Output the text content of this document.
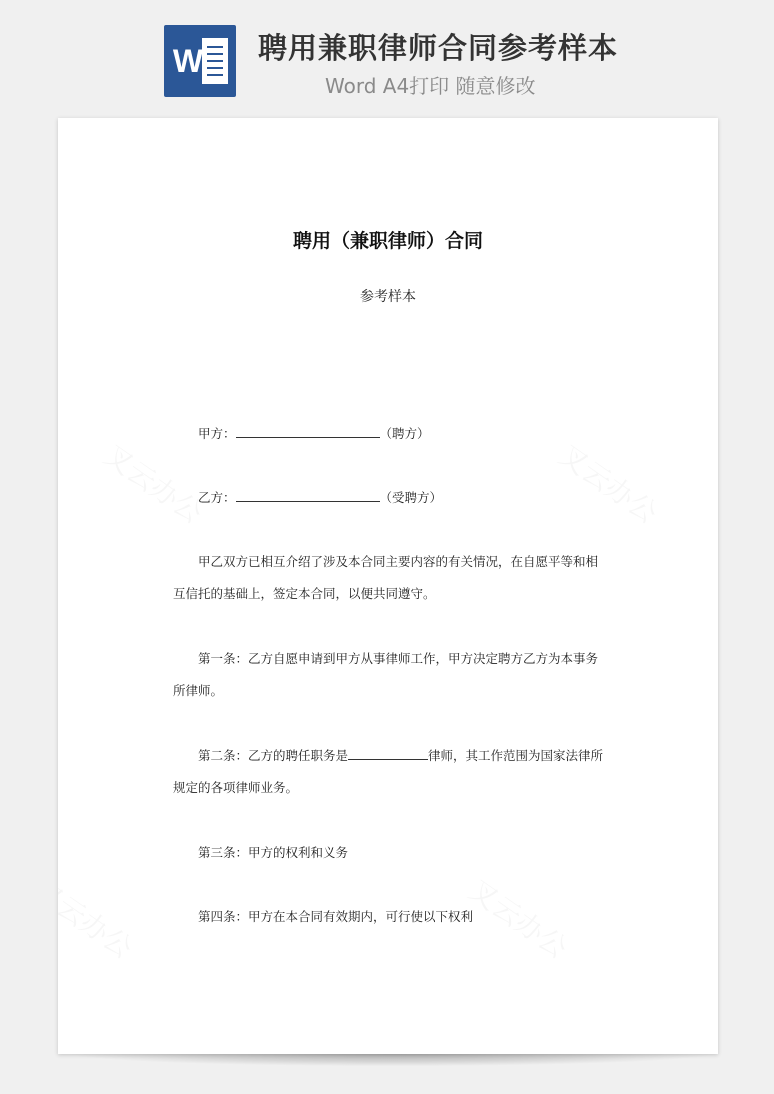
W 聘用兼职律师合同参考样本
Word A4打印 随意修改
聘用（兼职律师）合同
参考样本
甲方：	（聘方）
乙方：	（受聘方）
甲乙双方已相互介绍了涉及本合同主要内容的有关情况，在自愿平等和相
互信托的基础上，签定本合同，以便共同遵守。
第一条：乙方自愿申请到甲方从事律师工作，甲方决定聘方乙方为本事务
所律师。
第二条：乙方的聘任职务是	律师，其工作范围为国家法律所
规定的各项律师业务。
第三条：甲方的权利和义务
第四条：甲方在本合同有效期内，可行使以下权利
